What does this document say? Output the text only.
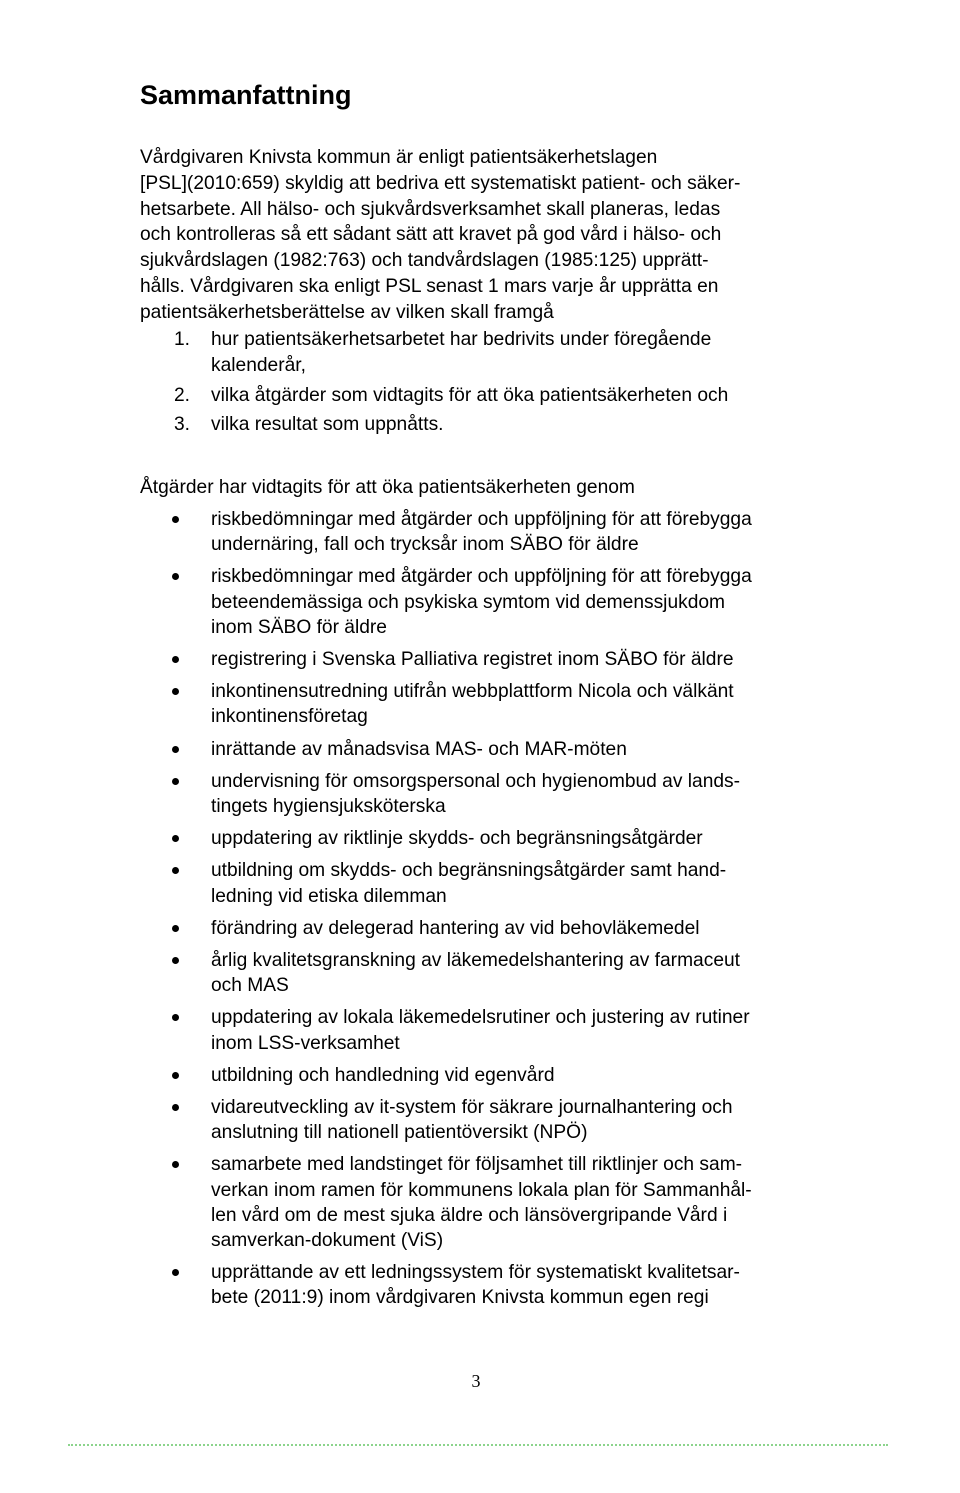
Sammanfattning

Vårdgivaren Knivsta kommun är enligt patientsäkerhetslagen
[PSL](2010:659) skyldig att bedriva ett systematiskt patient- och säker-
hetsarbete. All hälso- och sjukvårdsverksamhet skall planeras, ledas
och kontrolleras så ett sådant sätt att kravet på god vård i hälso- och
sjukvårdslagen (1982:763) och tandvårdslagen (1985:125) upprätt-
hålls. Vårdgivaren ska enligt PSL senast 1 mars varje år upprätta en
patientsäkerhetsberättelse av vilken skall framgå

1. hur patientsäkerhetsarbetet har bedrivits under föregående
kalenderår,
2. vilka åtgärder som vidtagits för att öka patientsäkerheten och
3. vilka resultat som uppnåtts.

Åtgärder har vidtagits för att öka patientsäkerheten genom

riskbedömningar med åtgärder och uppföljning för att förebygga
undernäring, fall och trycksår inom SÄBO för äldre
riskbedömningar med åtgärder och uppföljning för att förebygga
beteendemässiga och psykiska symtom vid demenssjukdom
inom SÄBO för äldre
registrering i Svenska Palliativa registret inom SÄBO för äldre
inkontinensutredning utifrån webbplattform Nicola och välkänt
inkontinensföretag
inrättande av månadsvisa MAS- och MAR-möten
undervisning för omsorgspersonal och hygienombud av lands-
tingets hygiensjuksköterska
uppdatering av riktlinje skydds- och begränsningsåtgärder
utbildning om skydds- och begränsningsåtgärder samt hand-
ledning vid etiska dilemman
förändring av delegerad hantering av vid behovläkemedel
årlig kvalitetsgranskning av läkemedelshantering av farmaceut
och MAS
uppdatering av lokala läkemedelsrutiner och justering av rutiner
inom LSS-verksamhet
utbildning och handledning vid egenvård
vidareutveckling av it-system för säkrare journalhantering och
anslutning till nationell patientöversikt (NPÖ)
samarbete med landstinget för följsamhet till riktlinjer och sam-
verkan inom ramen för kommunens lokala plan för Sammanhål-
len vård om de mest sjuka äldre och länsövergripande Vård i
samverkan-dokument (ViS)
upprättande av ett ledningssystem för systematiskt kvalitetsar-
bete (2011:9) inom vårdgivaren Knivsta kommun egen regi
3
